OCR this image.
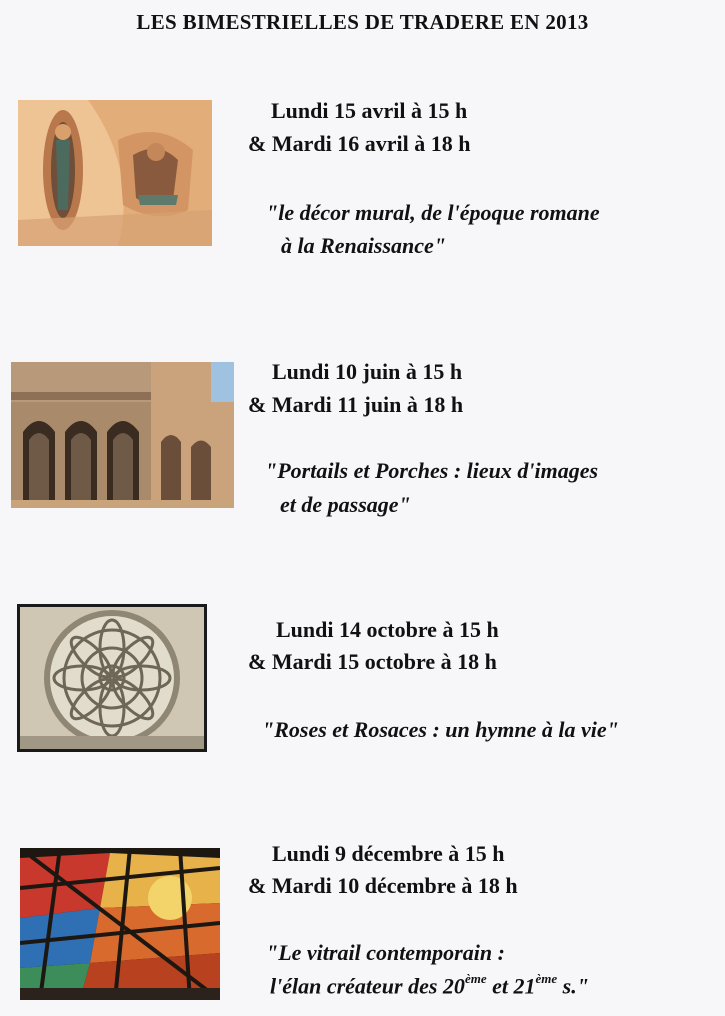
LES BIMESTRIELLES DE TRADERE EN 2013
Lundi 15 avril à 15 h
& Mardi 16 avril à 18 h
"le décor mural, de l'époque romane
à la Renaissance"
Lundi 10 juin à 15 h
& Mardi 11 juin à 18 h
"Portails et Porches : lieux d'images
et de passage"
Lundi 14 octobre à 15 h
& Mardi 15 octobre à 18 h
"Roses et Rosaces : un hymne à la vie"
Lundi 9 décembre à 15 h
& Mardi 10 décembre à 18 h
"Le vitrail contemporain :
l'élan créateur des 20ème et 21ème s."
